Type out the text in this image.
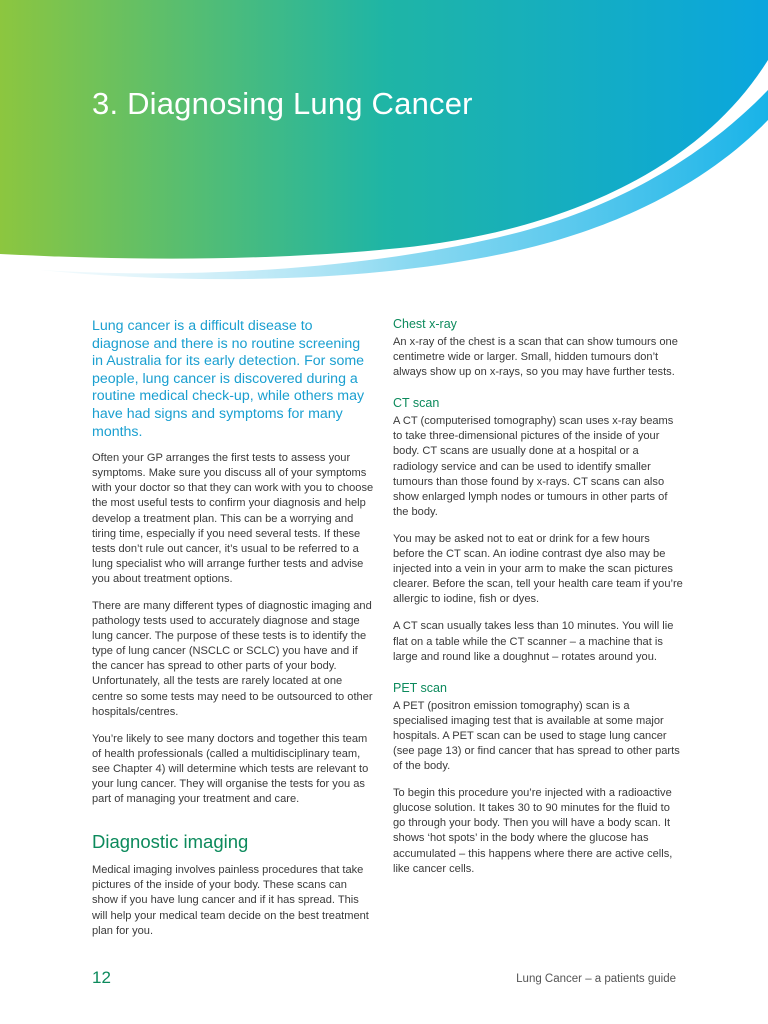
3. Diagnosing Lung Cancer

Lung cancer is a difficult disease to diagnose and there is no routine screening in Australia for its early detection. For some people, lung cancer is discovered during a routine medical check-up, while others may have had signs and symptoms for many months.

Often your GP arranges the first tests to assess your symptoms. Make sure you discuss all of your symptoms with your doctor so that they can work with you to choose the most useful tests to confirm your diagnosis and help develop a treatment plan. This can be a worrying and tiring time, especially if you need several tests. If these tests don’t rule out cancer, it’s usual to be referred to a lung specialist who will arrange further tests and advise you about treatment options.

There are many different types of diagnostic imaging and pathology tests used to accurately diagnose and stage lung cancer. The purpose of these tests is to identify the type of lung cancer (NSCLC or SCLC) you have and if the cancer has spread to other parts of your body. Unfortunately, all the tests are rarely located at one centre so some tests may need to be outsourced to other hospitals/centres.

You’re likely to see many doctors and together this team of health professionals (called a multidisciplinary team, see Chapter 4) will determine which tests are relevant to your lung cancer. They will organise the tests for you as part of managing your treatment and care.

Diagnostic imaging

Medical imaging involves painless procedures that take pictures of the inside of your body. These scans can show if you have lung cancer and if it has spread. This will help your medical team decide on the best treatment plan for you.

Chest x-ray

An x-ray of the chest is a scan that can show tumours one centimetre wide or larger. Small, hidden tumours don’t always show up on x-rays, so you may have further tests.

CT scan

A CT (computerised tomography) scan uses x-ray beams to take three-dimensional pictures of the inside of your body. CT scans are usually done at a hospital or a radiology service and can be used to identify smaller tumours than those found by x-rays. CT scans can also show enlarged lymph nodes or tumours in other parts of the body.

You may be asked not to eat or drink for a few hours before the CT scan. An iodine contrast dye also may be injected into a vein in your arm to make the scan pictures clearer. Before the scan, tell your health care team if you’re allergic to iodine, fish or dyes.

A CT scan usually takes less than 10 minutes. You will lie flat on a table while the CT scanner – a machine that is large and round like a doughnut – rotates around you.

PET scan

A PET (positron emission tomography) scan is a specialised imaging test that is available at some major hospitals. A PET scan can be used to stage lung cancer (see page 13) or find cancer that has spread to other parts of the body.

To begin this procedure you’re injected with a radioactive glucose solution. It takes 30 to 90 minutes for the fluid to go through your body. Then you will have a body scan. It shows ‘hot spots’ in the body where the glucose has accumulated – this happens where there are active cells, like cancer cells.

12	Lung Cancer – a patients guide
